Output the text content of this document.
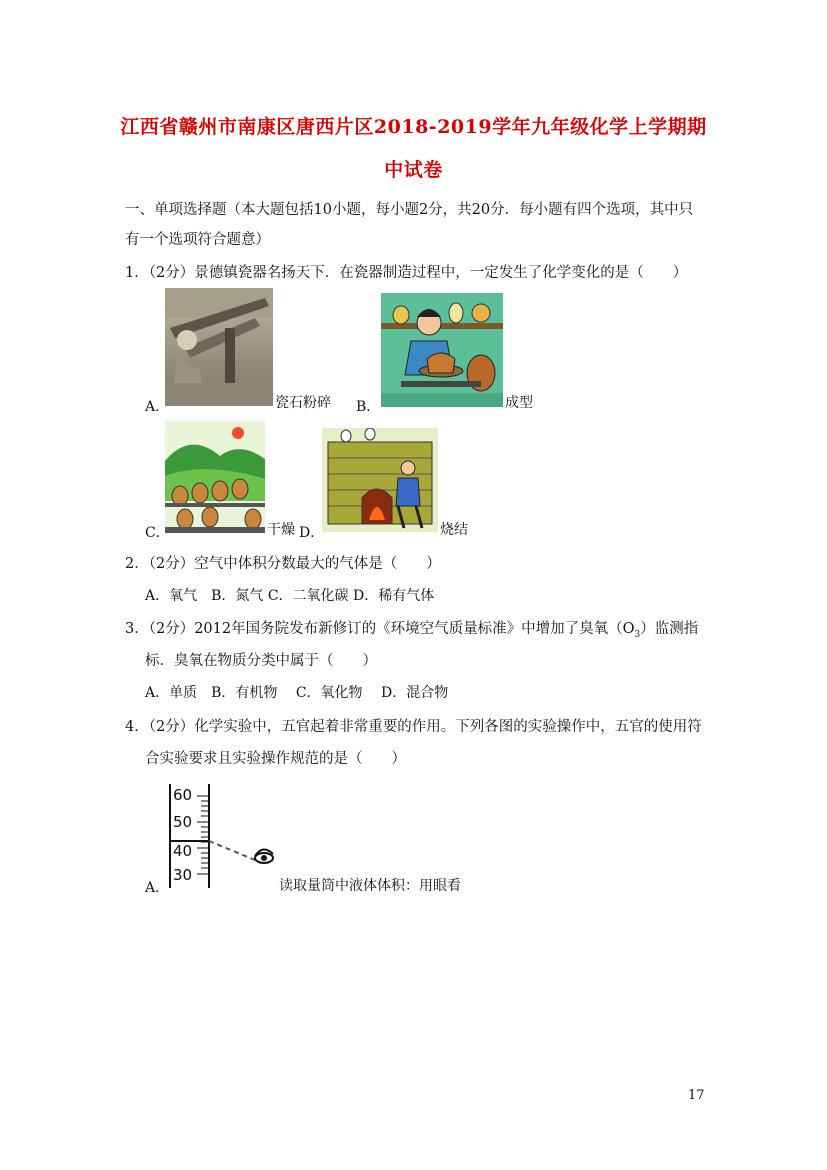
江西省赣州市南康区唐西片区2018-2019学年九年级化学上学期期
中试卷
一、单项选择题（本大题包括10小题，每小题2分，共20分．每小题有四个选项，其中只
有一个选项符合题意）
1．（2分）景德镇瓷器名扬天下．在瓷器制造过程中，一定发生了化学变化的是（　　）
A．	瓷石粉碎 B．	成型
C．	干燥 D．	烧结
2．（2分）空气中体积分数最大的气体是（　　）
A．氧气　B．氮气 C．二氧化碳 D．稀有气体
3．（2分）2012年国务院发布新修订的《环境空气质量标准》中增加了臭氧$(O_3)$监测指
标．臭氧在物质分类中属于（　　）
A．单质　B．有机物　 C．氧化物　 D．混合物
4．（2分）化学实验中，五官起着非常重要的作用。下列各图的实验操作中，五官的使用符
合实验要求且实验操作规范的是（　　）
60
50
40
30
A．	读取量筒中液体体积：用眼看
17
